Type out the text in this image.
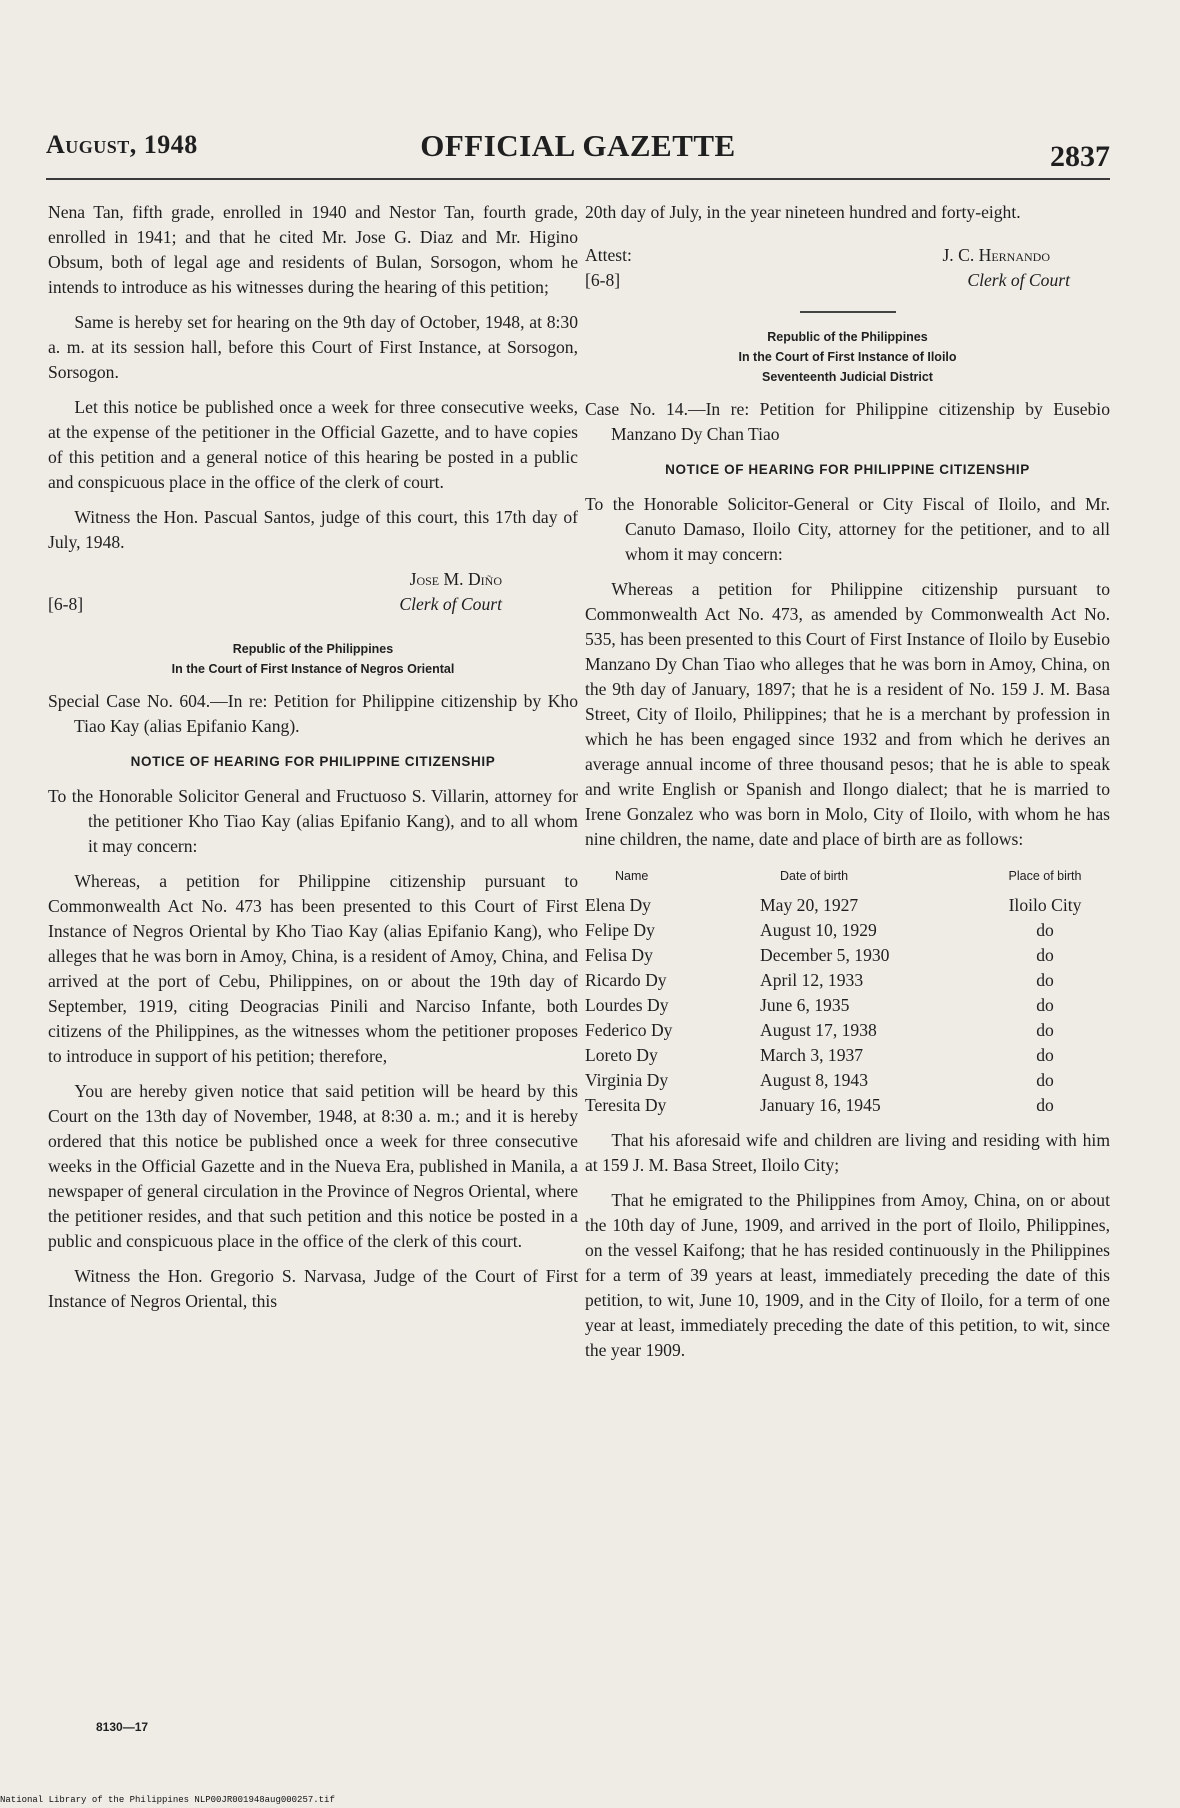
August, 1948	OFFICIAL GAZETTE	2837

Nena Tan, fifth grade, enrolled in 1940 and Nestor Tan, fourth grade, enrolled in 1941; and that he cited Mr. Jose G. Diaz and Mr. Higino Obsum, both of legal age and residents of Bulan, Sorsogon, whom he intends to introduce as his witnesses during the hearing of this petition;

Same is hereby set for hearing on the 9th day of October, 1948, at 8:30 a. m. at its session hall, before this Court of First Instance, at Sorsogon, Sorsogon.

Let this notice be published once a week for three consecutive weeks, at the expense of the petitioner in the Official Gazette, and to have copies of this petition and a general notice of this hearing be posted in a public and conspicuous place in the office of the clerk of court.

Witness the Hon. Pascual Santos, judge of this court, this 17th day of July, 1948.

Jose M. Diño
[6-8]	Clerk of Court
Republic of the Philippines
In the Court of First Instance of Negros Oriental

Special Case No. 604.—In re: Petition for Philippine citizenship by Kho Tiao Kay (alias Epifanio Kang).

NOTICE OF HEARING FOR PHILIPPINE CITIZENSHIP

To the Honorable Solicitor General and Fructuoso S. Villarin, attorney for the petitioner Kho Tiao Kay (alias Epifanio Kang), and to all whom it may concern:

Whereas, a petition for Philippine citizenship pursuant to Commonwealth Act No. 473 has been presented to this Court of First Instance of Negros Oriental by Kho Tiao Kay (alias Epifanio Kang), who alleges that he was born in Amoy, China, is a resident of Amoy, China, and arrived at the port of Cebu, Philippines, on or about the 19th day of September, 1919, citing Deogracias Pinili and Narciso Infante, both citizens of the Philippines, as the witnesses whom the petitioner proposes to introduce in support of his petition; therefore,

You are hereby given notice that said petition will be heard by this Court on the 13th day of November, 1948, at 8:30 a. m.; and it is hereby ordered that this notice be published once a week for three consecutive weeks in the Official Gazette and in the Nueva Era, published in Manila, a newspaper of general circulation in the Province of Negros Oriental, where the petitioner resides, and that such petition and this notice be posted in a public and conspicuous place in the office of the clerk of this court.

Witness the Hon. Gregorio S. Narvasa, Judge of the Court of First Instance of Negros Oriental, this

20th day of July, in the year nineteen hundred and forty-eight.

Attest:	J. C. Hernando
[6-8]	Clerk of Court
Republic of the Philippines
In the Court of First Instance of Iloilo
Seventeenth Judicial District

Case No. 14.—In re: Petition for Philippine citizenship by Eusebio Manzano Dy Chan Tiao

NOTICE OF HEARING FOR PHILIPPINE CITIZENSHIP

To the Honorable Solicitor-General or City Fiscal of Iloilo, and Mr. Canuto Damaso, Iloilo City, attorney for the petitioner, and to all whom it may concern:

Whereas a petition for Philippine citizenship pursuant to Commonwealth Act No. 473, as amended by Commonwealth Act No. 535, has been presented to this Court of First Instance of Iloilo by Eusebio Manzano Dy Chan Tiao who alleges that he was born in Amoy, China, on the 9th day of January, 1897; that he is a resident of No. 159 J. M. Basa Street, City of Iloilo, Philippines; that he is a merchant by profession in which he has been engaged since 1932 and from which he derives an average annual income of three thousand pesos; that he is able to speak and write English or Spanish and Ilongo dialect; that he is married to Irene Gonzalez who was born in Molo, City of Iloilo, with whom he has nine children, the name, date and place of birth are as follows:

Name	Date of birth	Place of birth
Elena Dy	May 20, 1927	Iloilo City
Felipe Dy	August 10, 1929	do
Felisa Dy	December 5, 1930	do
Ricardo Dy	April 12, 1933	do
Lourdes Dy	June 6, 1935	do
Federico Dy	August 17, 1938	do
Loreto Dy	March 3, 1937	do
Virginia Dy	August 8, 1943	do
Teresita Dy	January 16, 1945	do

That his aforesaid wife and children are living and residing with him at 159 J. M. Basa Street, Iloilo City;

That he emigrated to the Philippines from Amoy, China, on or about the 10th day of June, 1909, and arrived in the port of Iloilo, Philippines, on the vessel Kaifong; that he has resided continuously in the Philippines for a term of 39 years at least, immediately preceding the date of this petition, to wit, June 10, 1909, and in the City of Iloilo, for a term of one year at least, immediately preceding the date of this petition, to wit, since the year 1909.

8130—17
National Library of the Philippines NLP00JR001948aug000257.tif
